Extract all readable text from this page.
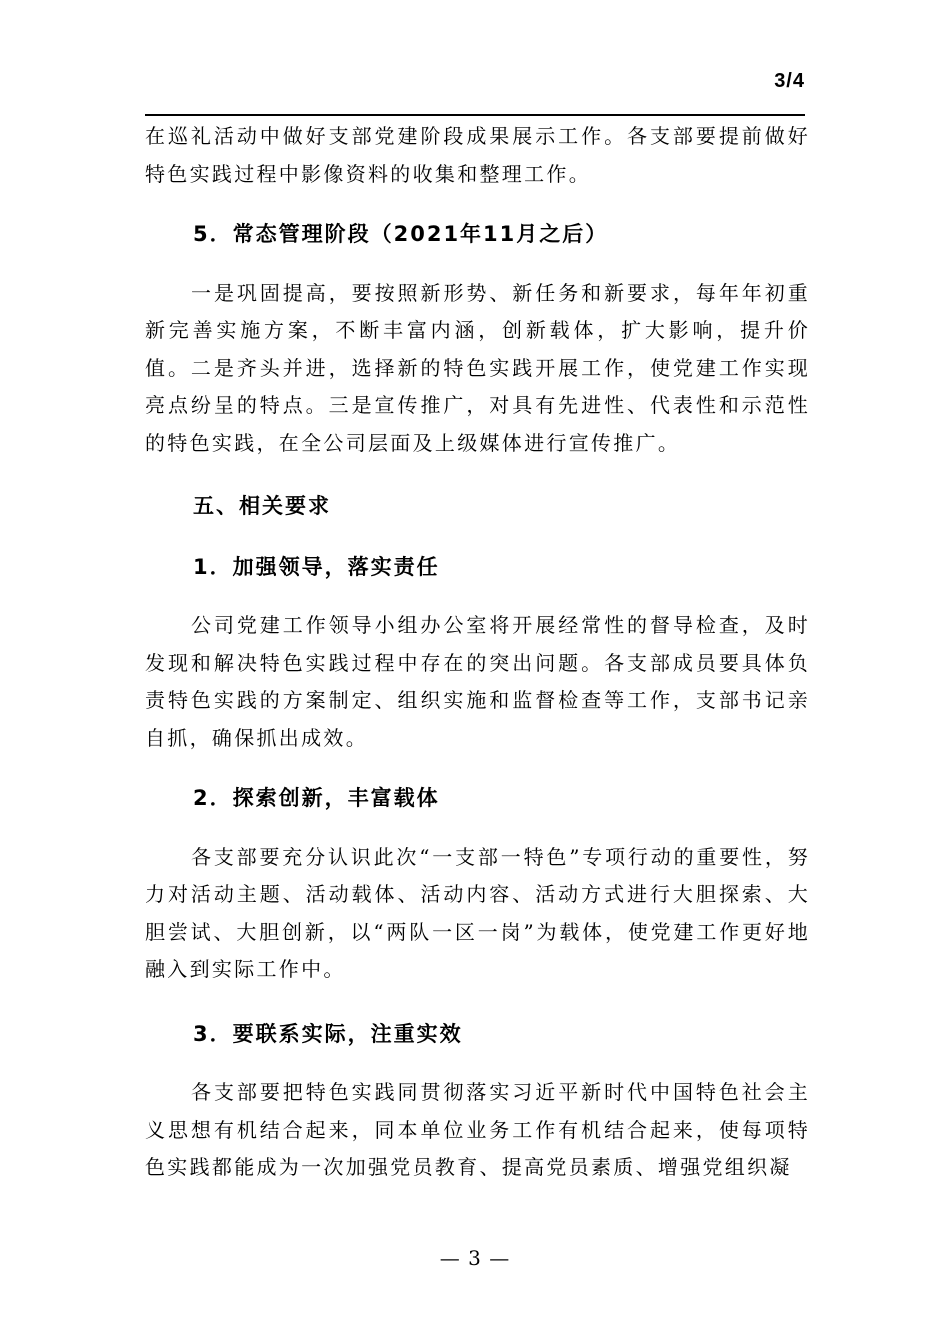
3/4

在巡礼活动中做好支部党建阶段成果展示工作。各支部要提前做好特色实践过程中影像资料的收集和整理工作。

5．常态管理阶段（2021年11月之后）

一是巩固提高，要按照新形势、新任务和新要求，每年年初重新完善实施方案，不断丰富内涵，创新载体，扩大影响，提升价值。二是齐头并进，选择新的特色实践开展工作，使党建工作实现亮点纷呈的特点。三是宣传推广，对具有先进性、代表性和示范性的特色实践，在全公司层面及上级媒体进行宣传推广。

五、相关要求
1．加强领导，落实责任

公司党建工作领导小组办公室将开展经常性的督导检查，及时发现和解决特色实践过程中存在的突出问题。各支部成员要具体负责特色实践的方案制定、组织实施和监督检查等工作，支部书记亲自抓，确保抓出成效。

2．探索创新，丰富载体

各支部要充分认识此次“一支部一特色”专项行动的重要性，努力对活动主题、活动载体、活动内容、活动方式进行大胆探索、大胆尝试、大胆创新，以“两队一区一岗”为载体，使党建工作更好地融入到实际工作中。

3．要联系实际，注重实效

各支部要把特色实践同贯彻落实习近平新时代中国特色社会主义思想有机结合起来，同本单位业务工作有机结合起来，使每项特色实践都能成为一次加强党员教育、提高党员素质、增强党组织凝

— 3 —
